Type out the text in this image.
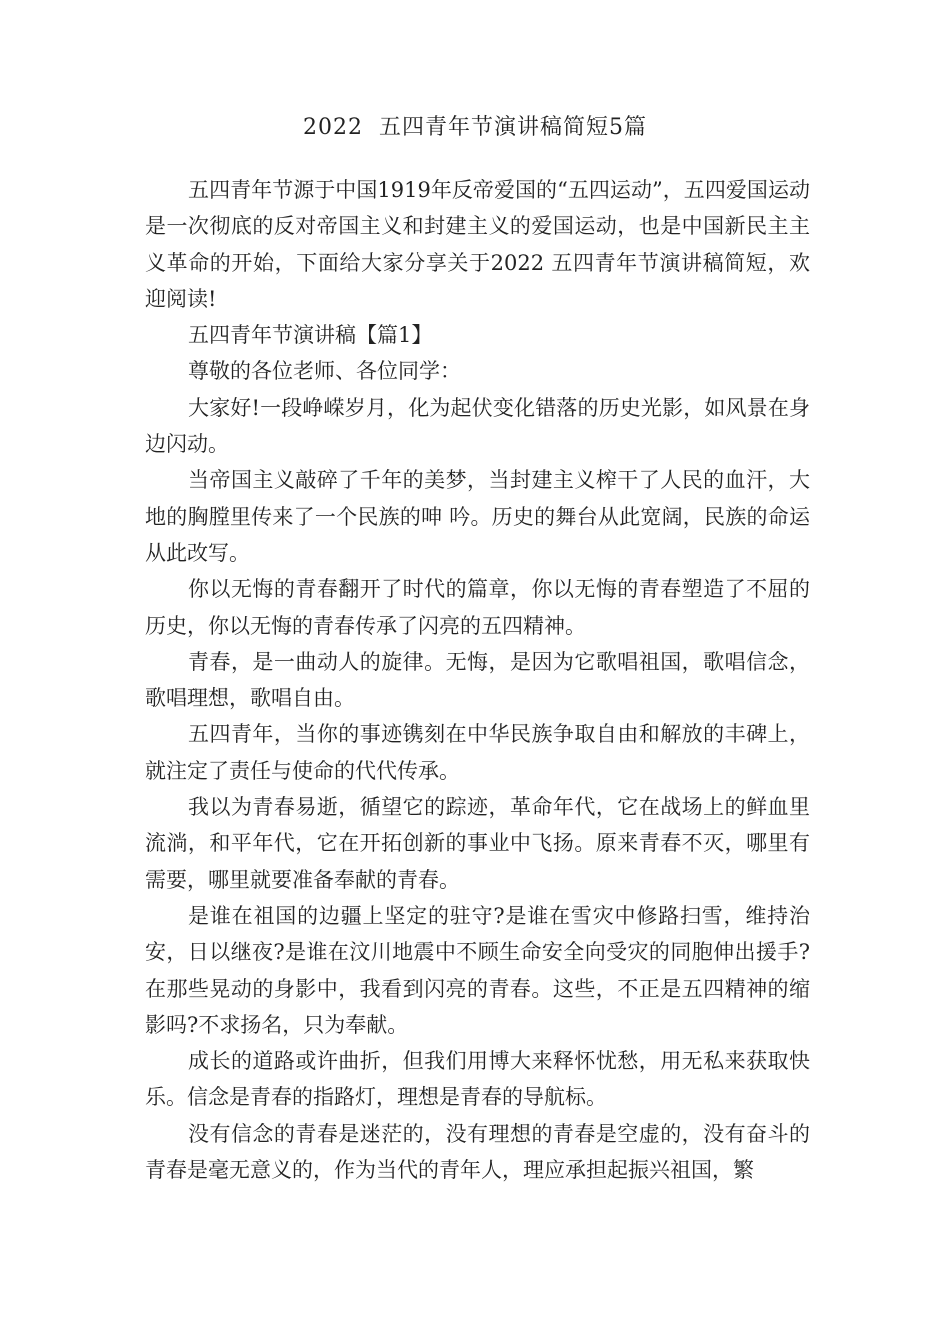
2022  五四青年节演讲稿简短5篇

五四青年节源于中国1919年反帝爱国的“五四运动”，五四爱国运动是一次彻底的反对帝国主义和封建主义的爱国运动，也是中国新民主主义革命的开始，下面给大家分享关于2022 五四青年节演讲稿简短，欢迎阅读!

五四青年节演讲稿【篇1】

尊敬的各位老师、各位同学：

大家好!一段峥嵘岁月，化为起伏变化错落的历史光影，如风景在身边闪动。

当帝国主义敲碎了千年的美梦，当封建主义榨干了人民的血汗，大地的胸膛里传来了一个民族的呻 吟。历史的舞台从此宽阔，民族的命运从此改写。

你以无悔的青春翻开了时代的篇章，你以无悔的青春塑造了不屈的历史，你以无悔的青春传承了闪亮的五四精神。

青春，是一曲动人的旋律。无悔，是因为它歌唱祖国，歌唱信念，歌唱理想，歌唱自由。

五四青年，当你的事迹镌刻在中华民族争取自由和解放的丰碑上，就注定了责任与使命的代代传承。

我以为青春易逝，循望它的踪迹，革命年代，它在战场上的鲜血里流淌，和平年代，它在开拓创新的事业中飞扬。原来青春不灭，哪里有需要，哪里就要准备奉献的青春。

是谁在祖国的边疆上坚定的驻守?是谁在雪灾中修路扫雪，维持治安，日以继夜?是谁在汶川地震中不顾生命安全向受灾的同胞伸出援手?在那些晃动的身影中，我看到闪亮的青春。这些，不正是五四精神的缩影吗?不求扬名，只为奉献。

成长的道路或许曲折，但我们用博大来释怀忧愁，用无私来获取快乐。信念是青春的指路灯，理想是青春的导航标。

没有信念的青春是迷茫的，没有理想的青春是空虚的，没有奋斗的青春是毫无意义的，作为当代的青年人，理应承担起振兴祖国，繁
